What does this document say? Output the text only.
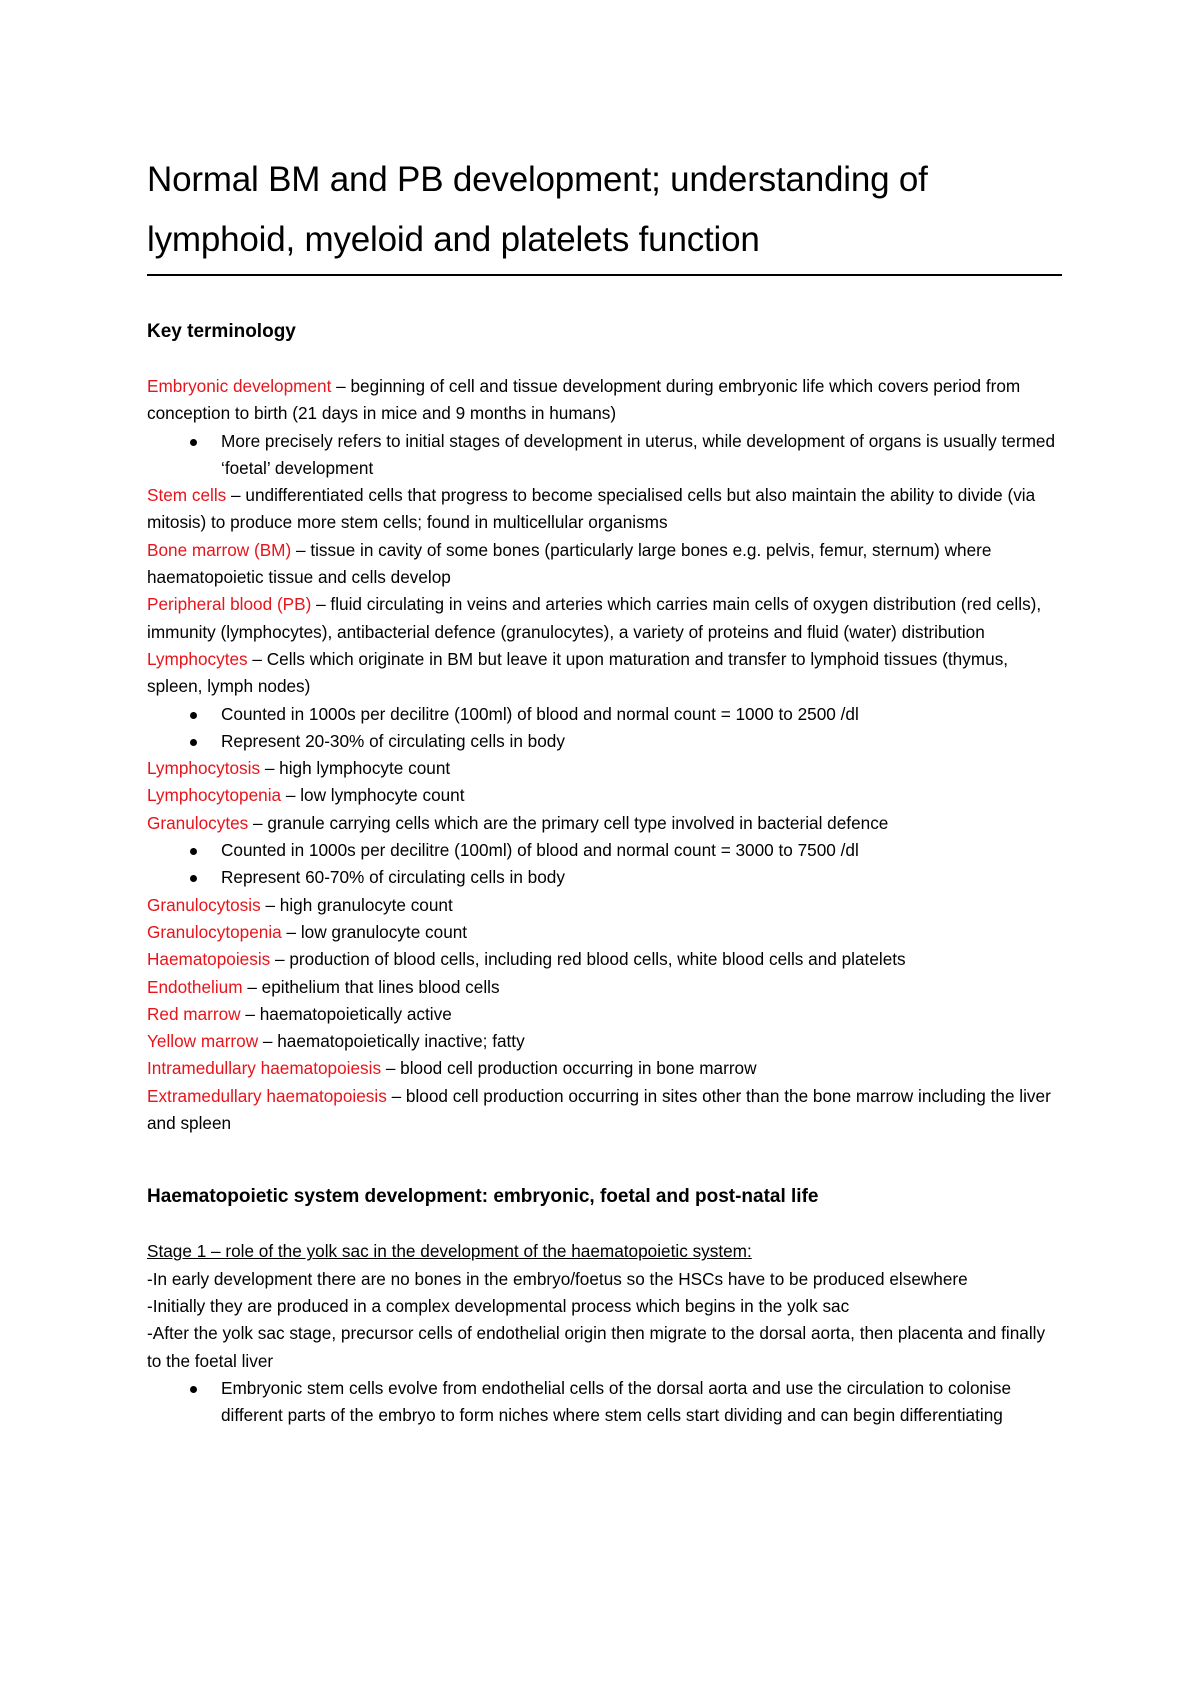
Normal BM and PB development; understanding of lymphoid, myeloid and platelets function
Key terminology

Embryonic development – beginning of cell and tissue development during embryonic life which covers period from conception to birth (21 days in mice and 9 months in humans)

More precisely refers to initial stages of development in uterus, while development of organs is usually termed ‘foetal’ development

Stem cells – undifferentiated cells that progress to become specialised cells but also maintain the ability to divide (via mitosis) to produce more stem cells; found in multicellular organisms

Bone marrow (BM) – tissue in cavity of some bones (particularly large bones e.g. pelvis, femur, sternum) where haematopoietic tissue and cells develop

Peripheral blood (PB) – fluid circulating in veins and arteries which carries main cells of oxygen distribution (red cells), immunity (lymphocytes), antibacterial defence (granulocytes), a variety of proteins and fluid (water) distribution

Lymphocytes – Cells which originate in BM but leave it upon maturation and transfer to lymphoid tissues (thymus, spleen, lymph nodes)

Counted in 1000s per decilitre (100ml) of blood and normal count = 1000 to 2500 /dl
Represent 20-30% of circulating cells in body

Lymphocytosis – high lymphocyte count

Lymphocytopenia – low lymphocyte count

Granulocytes – granule carrying cells which are the primary cell type involved in bacterial defence

Counted in 1000s per decilitre (100ml) of blood and normal count = 3000 to 7500 /dl
Represent 60-70% of circulating cells in body

Granulocytosis – high granulocyte count

Granulocytopenia – low granulocyte count

Haematopoiesis – production of blood cells, including red blood cells, white blood cells and platelets

Endothelium – epithelium that lines blood cells

Red marrow – haematopoietically active

Yellow marrow – haematopoietically inactive; fatty

Intramedullary haematopoiesis – blood cell production occurring in bone marrow

Extramedullary haematopoiesis – blood cell production occurring in sites other than the bone marrow including the liver and spleen

Haematopoietic system development: embryonic, foetal and post-natal life

Stage 1 – role of the yolk sac in the development of the haematopoietic system:

-In early development there are no bones in the embryo/foetus so the HSCs have to be produced elsewhere

-Initially they are produced in a complex developmental process which begins in the yolk sac

-After the yolk sac stage, precursor cells of endothelial origin then migrate to the dorsal aorta, then placenta and finally to the foetal liver

Embryonic stem cells evolve from endothelial cells of the dorsal aorta and use the circulation to colonise different parts of the embryo to form niches where stem cells start dividing and can begin differentiating
